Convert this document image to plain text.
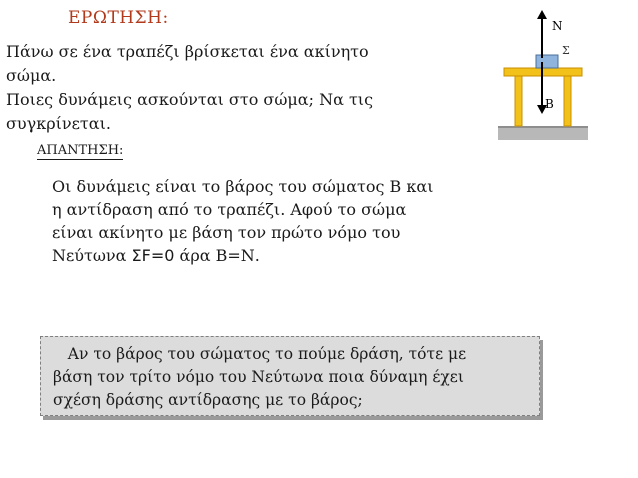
ΕΡΩΤΗΣΗ:
Πάνω σε ένα τραπέζι βρίσκεται ένα ακίνητο
σώμα.
Ποιες δυνάμεις ασκούνται στο σώμα; Να τις
συγκρίνεται.
ΑΠΑΝΤΗΣΗ:
Οι δυνάμεις είναι το βάρος του σώματος Β και
η αντίδραση από το τραπέζι. Αφού το σώμα
είναι ακίνητο με βάση τον πρώτο νόμο του
Νεύτωνα ΣF=0 άρα Β=Ν.
Αν το βάρος του σώματος το πούμε δράση, τότε με
βάση τον τρίτο νόμο του Νεύτωνα ποια δύναμη έχει
σχέση δράσης αντίδρασης με το βάρος;
Σ
N
B
